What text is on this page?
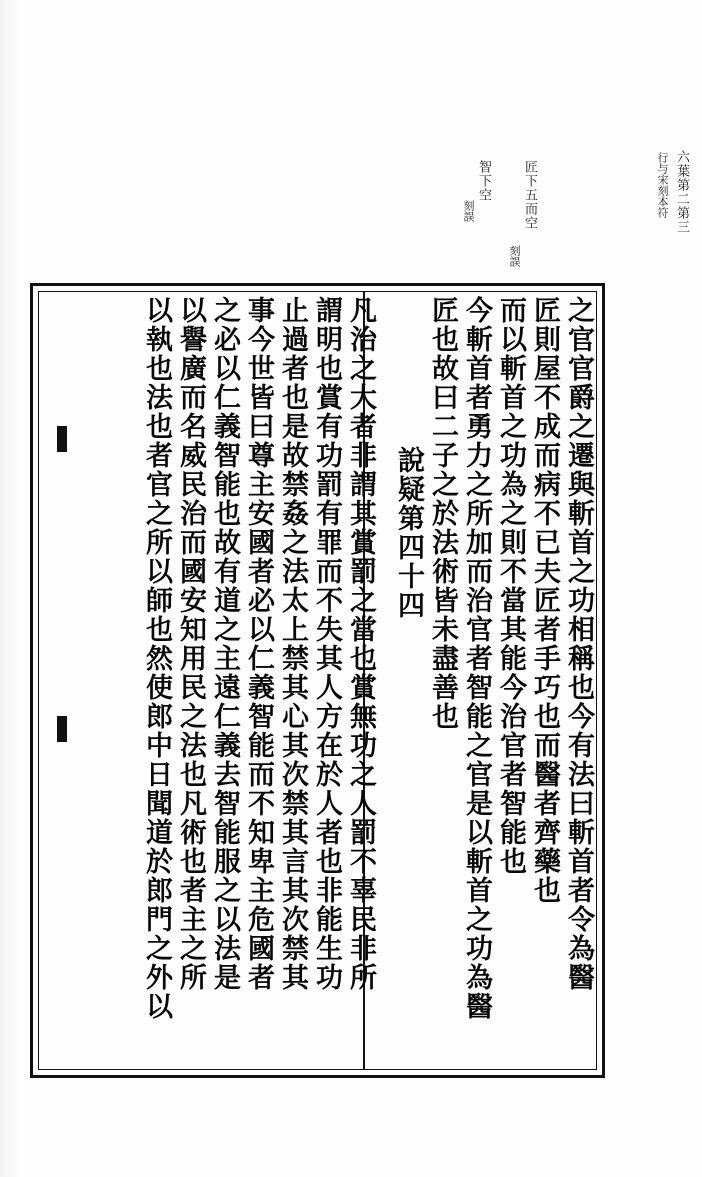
六葉第二第三
行与宋刻本符
智下空
刻誤	匠下五而空
刻誤
之官官爵之遷與斬首之功相稱也今有法曰斬首者令為醫
匠則屋不成而病不已夫匠者手巧也而醫者齊藥也
而以斬首之功為之則不當其能今治官者智能也
今斬首者勇力之所加而治官者智能之官是以斬首之功為醫
匠也故曰二子之於法術皆未盡善也
說疑第四十四
凡治之大者非謂其賞罰之當也賞無功之人罰不辜民非所
謂明也賞有功罰有罪而不失其人方在於人者也非能生功
止過者也是故禁姦之法太上禁其心其次禁其言其次禁其
事今世皆曰尊主安國者必以仁義智能而不知卑主危國者
之必以仁義智能也故有道之主遠仁義去智能服之以法是
以譽廣而名威民治而國安知用民之法也凡術也者主之所
以執也法也者官之所以師也然使郎中日聞道於郎門之外以
